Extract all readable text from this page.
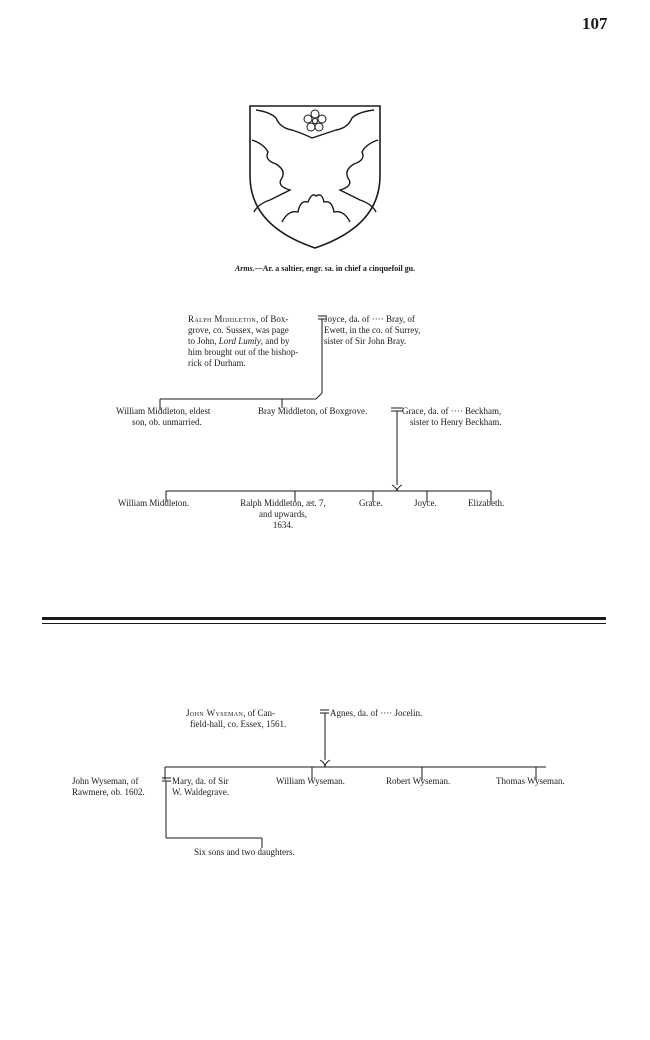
107
Arms.—Ar. a saltier, engr. sa. in chief a cinquefoil gu.
Ralph Middleton, of Box-
grove, co. Sussex, was page
to John, Lord Lumly, and by
him brought out of the bishop-
rick of Durham.
Joyce, da. of ···· Bray, of
Ewett, in the co. of Surrey,
sister of Sir John Bray.
William Middleton, eldest
son, ob. unmarried.
Bray Middleton, of Boxgrove.	Grace, da. of ···· Beckham,
sister to Henry Beckham.
William Middleton.	Ralph Middleton, æt. 7,
and upwards,
1634.
Grace.	Joyce.	Elizabeth.
John Wyseman, of Can-
field-hall, co. Essex, 1561.
Agnes, da. of ···· Jocelin.
John Wyseman, of
Rawmere, ob. 1602.
Mary, da. of Sir
W. Waldegrave.
William Wyseman.	Robert Wyseman.	Thomas Wyseman.
Six sons and two daughters.
